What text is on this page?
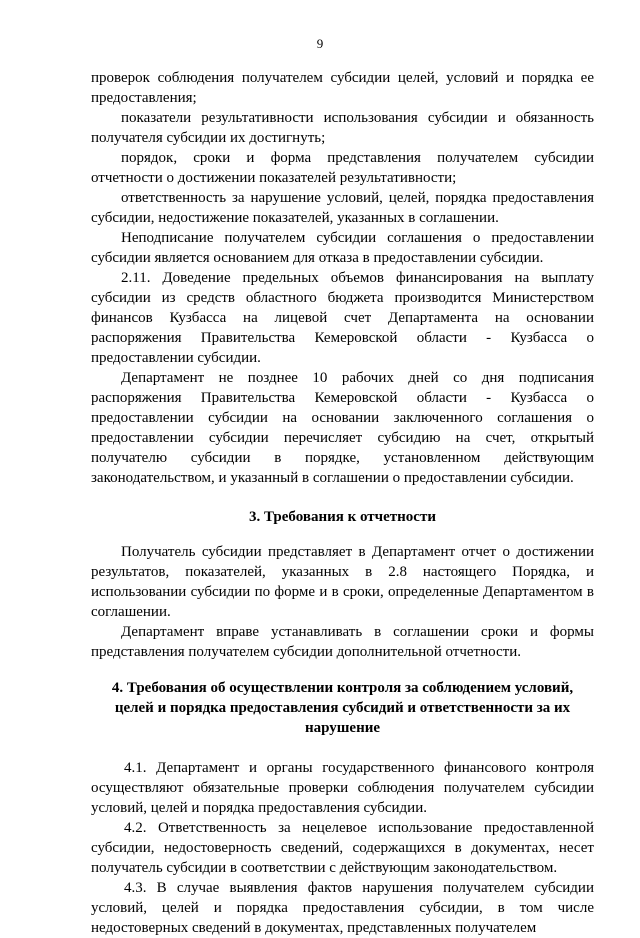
9

проверок соблюдения получателем субсидии целей, условий и порядка ее предоставления;

показатели результативности использования субсидии и обязанность получателя субсидии их достигнуть;

порядок, сроки и форма представления получателем субсидии отчетности о достижении показателей результативности;

ответственность за нарушение условий, целей, порядка предоставления субсидии, недостижение показателей, указанных в соглашении.

Неподписание получателем субсидии соглашения о предоставлении субсидии является основанием для отказа в предоставлении субсидии.

2.11. Доведение предельных объемов финансирования на выплату субсидии из средств областного бюджета производится Министерством финансов Кузбасса на лицевой счет Департамента на основании распоряжения Правительства Кемеровской области - Кузбасса о предоставлении субсидии.

Департамент не позднее 10 рабочих дней со дня подписания распоряжения Правительства Кемеровской области - Кузбасса о предоставлении субсидии на основании заключенного соглашения о предоставлении субсидии перечисляет субсидию на счет, открытый получателю субсидии в порядке, установленном действующим законодательством, и указанный в соглашении о предоставлении субсидии.

3. Требования к отчетности

Получатель субсидии представляет в Департамент отчет о достижении результатов, показателей, указанных в 2.8 настоящего Порядка, и использовании субсидии по форме и в сроки, определенные Департаментом в соглашении.

Департамент вправе устанавливать в соглашении сроки и формы представления получателем субсидии дополнительной отчетности.

4. Требования об осуществлении контроля за соблюдением условий,
целей и порядка предоставления субсидий и ответственности за их
нарушение

4.1. Департамент и органы государственного финансового контроля осуществляют обязательные проверки соблюдения получателем субсидии условий, целей и порядка предоставления субсидии.

4.2. Ответственность за нецелевое использование предоставленной субсидии, недостоверность сведений, содержащихся в документах, несет получатель субсидии в соответствии с действующим законодательством.

4.3. В случае выявления фактов нарушения получателем субсидии условий, целей и порядка предоставления субсидии, в том числе недостоверных сведений в документах, представленных получателем
